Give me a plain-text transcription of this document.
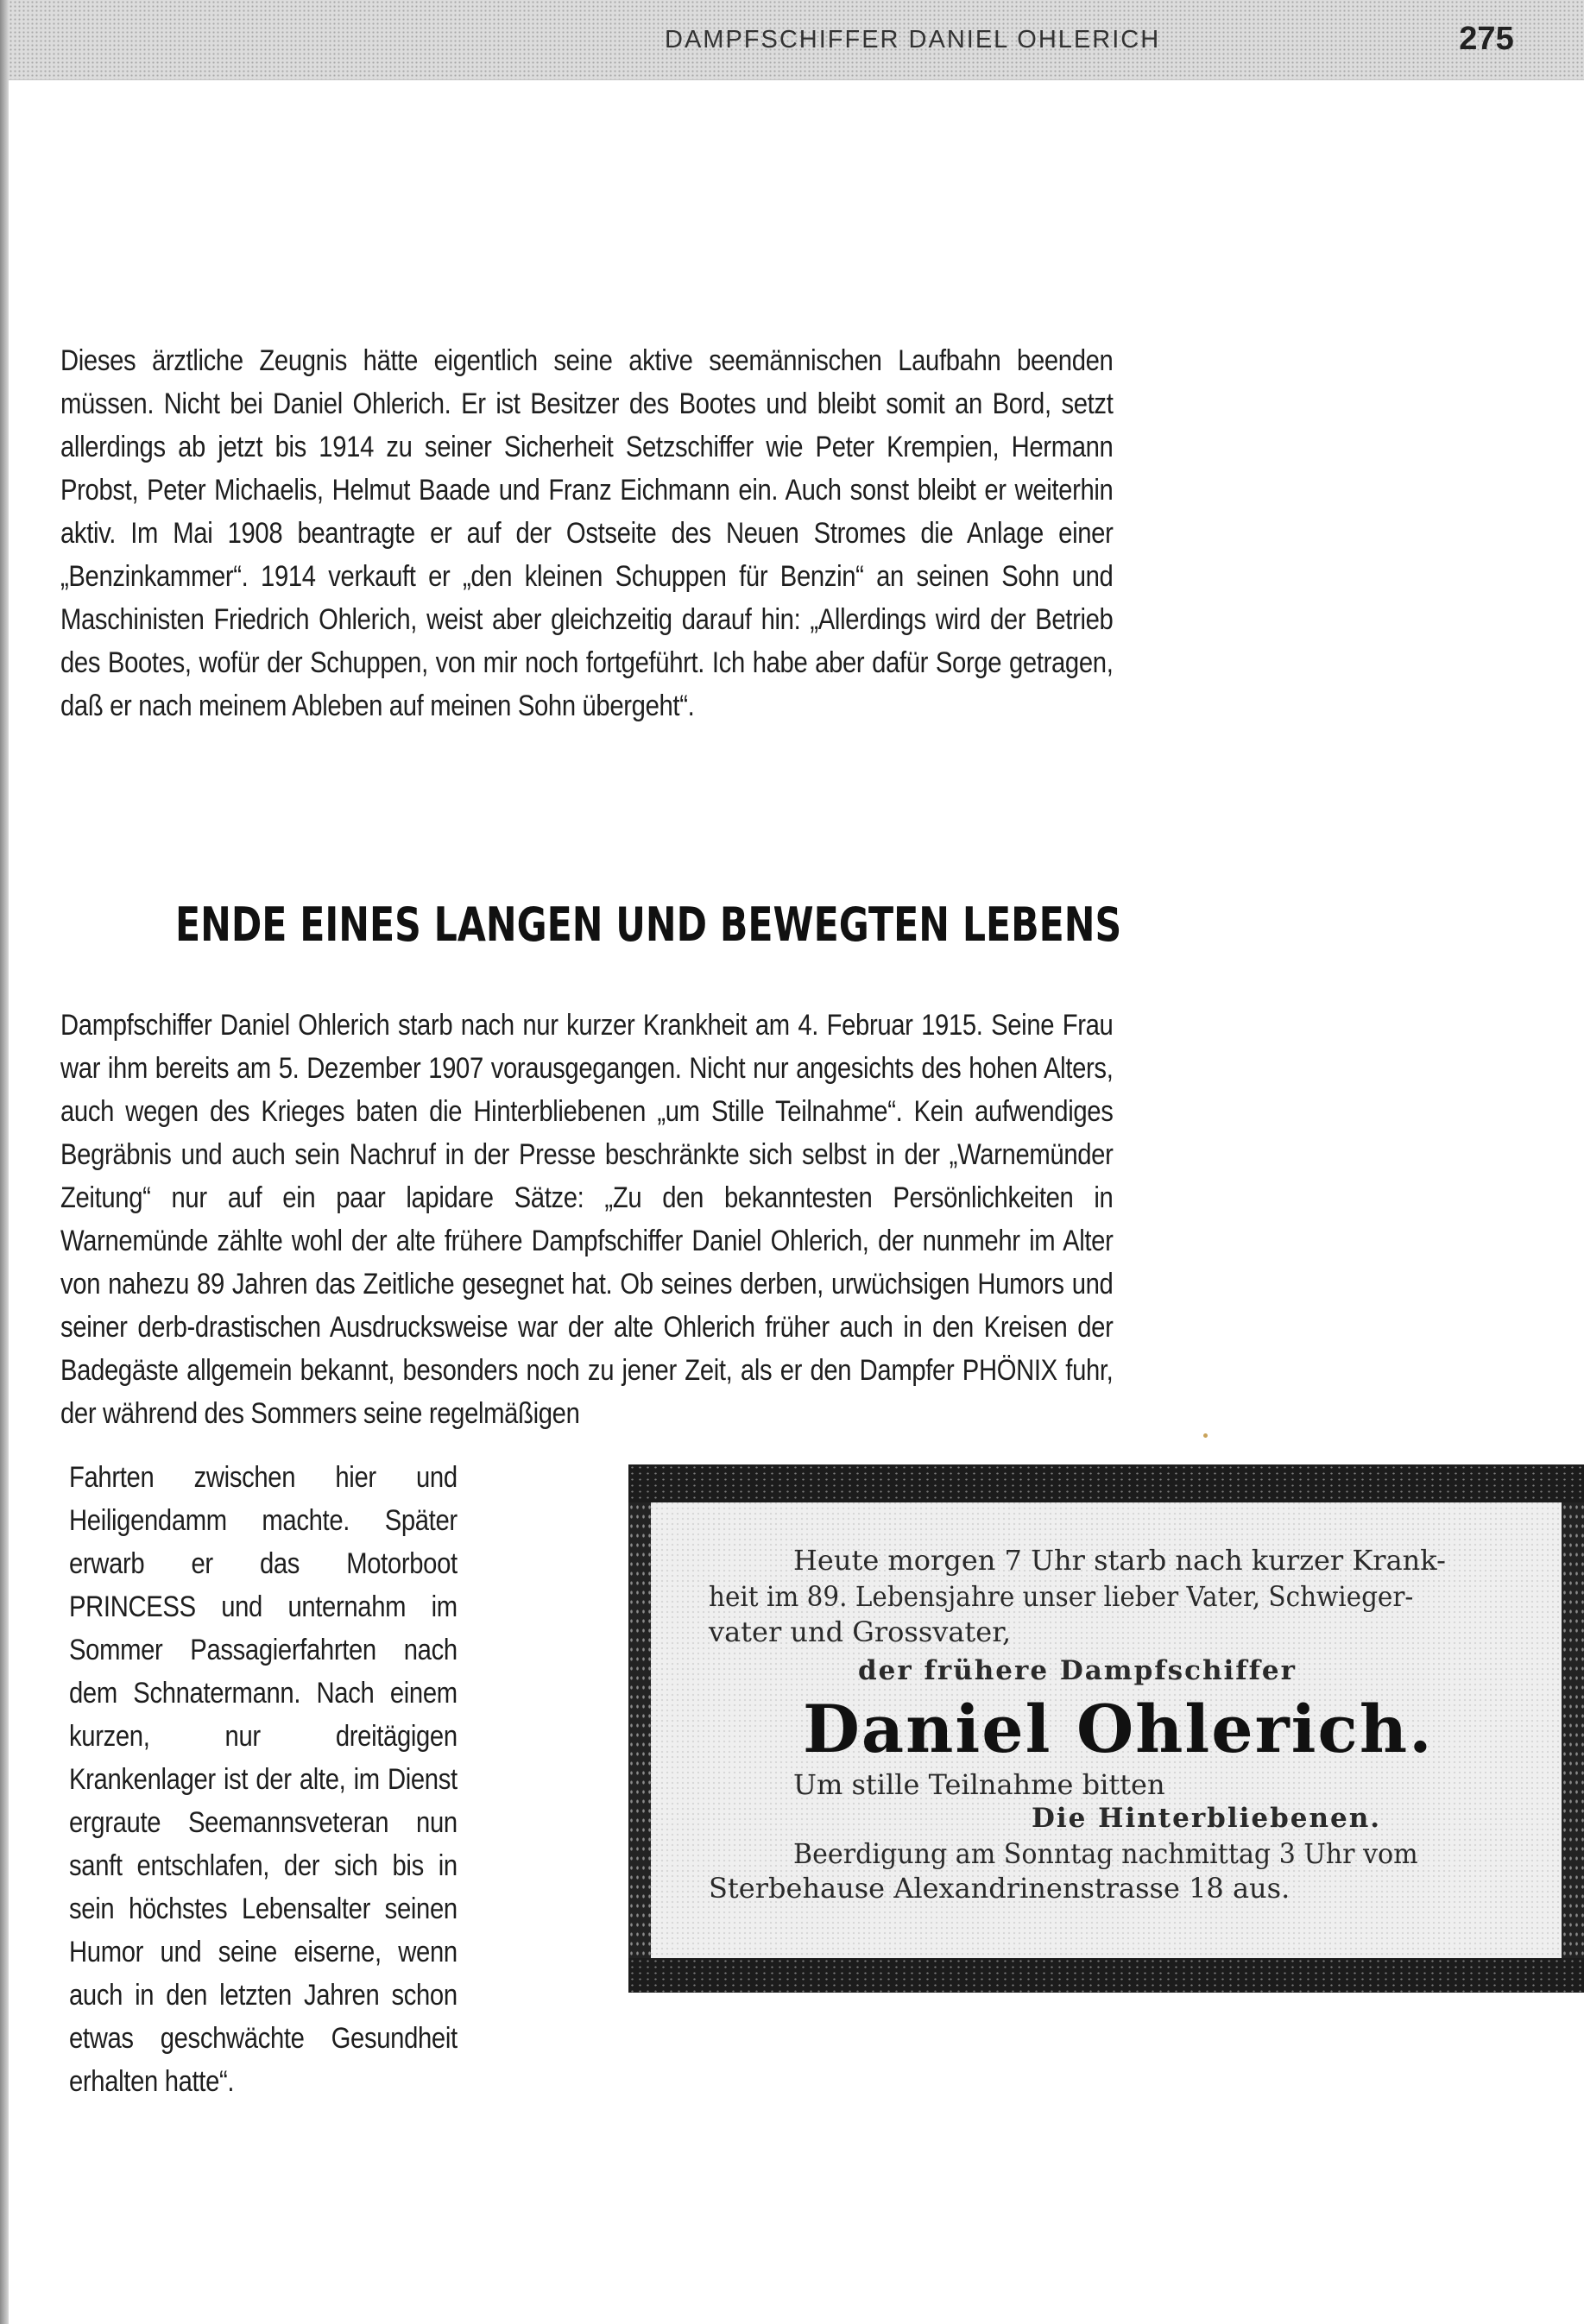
DAMPFSCHIFFER DANIEL OHLERICH	275

Dieses ärztliche Zeugnis hätte eigentlich seine aktive seemännischen Laufbahn beenden müssen. Nicht bei Daniel Ohlerich. Er ist Besitzer des Bootes und bleibt somit an Bord, setzt allerdings ab jetzt bis 1914 zu seiner Sicherheit Setzschiffer wie Peter Krempien, Hermann Probst, Peter Michaelis, Helmut Baade und Franz Eichmann ein. Auch sonst bleibt er weiterhin aktiv. Im Mai 1908 beantragte er auf der Ostseite des Neuen Stromes die Anlage einer „Benzinkammer“. 1914 verkauft er „den kleinen Schuppen für Benzin“ an seinen Sohn und Maschinisten Friedrich Ohlerich, weist aber gleichzeitig darauf hin: „Allerdings wird der Betrieb des Bootes, wofür der Schuppen, von mir noch fortgeführt. Ich habe aber dafür Sorge getragen, daß er nach meinem Ableben auf meinen Sohn übergeht“.

ENDE EINES LANGEN UND BEWEGTEN LEBENS

Dampfschiffer Daniel Ohlerich starb nach nur kurzer Krankheit am 4. Februar 1915. Seine Frau war ihm bereits am 5. Dezember 1907 vorausgegangen. Nicht nur angesichts des hohen Alters, auch wegen des Krieges baten die Hinterbliebenen „um Stille Teilnahme“. Kein aufwendiges Begräbnis und auch sein Nachruf in der Presse beschränkte sich selbst in der „Warnemünder Zeitung“ nur auf ein paar lapidare Sätze: „Zu den bekanntesten Persönlichkeiten in Warnemünde zählte wohl der alte frühere Dampfschiffer Daniel Ohlerich, der nunmehr im Alter von nahezu 89 Jahren das Zeitliche gesegnet hat. Ob seines derben, urwüchsigen Humors und seiner derb-drastischen Ausdrucksweise war der alte Ohlerich früher auch in den Kreisen der Badegäste allgemein bekannt, besonders noch zu jener Zeit, als er den Dampfer PHÖNIX fuhr, der während des Sommers seine regelmäßigen

Fahrten zwischen hier und Heiligendamm machte. Später erwarb er das Motorboot PRINCESS und unternahm im Sommer Passagierfahrten nach dem Schnatermann. Nach einem kurzen, nur dreitägigen Krankenlager ist der alte, im Dienst ergraute Seemannsveteran nun sanft entschlafen, der sich bis in sein höchstes Lebensalter seinen Humor und seine eiserne, wenn auch in den letzten Jahren schon etwas geschwächte Gesundheit erhalten hatte“.

Heute morgen 7 Uhr starb nach kurzer Krank-
heit im 89. Lebensjahre unser lieber Vater, Schwieger-
vater und Grossvater,
der frühere Dampfschiffer
Daniel Ohlerich.
Um stille Teilnahme bitten
Die Hinterbliebenen.
Beerdigung am Sonntag nachmittag 3 Uhr vom
Sterbehause Alexandrinenstrasse 18 aus.
